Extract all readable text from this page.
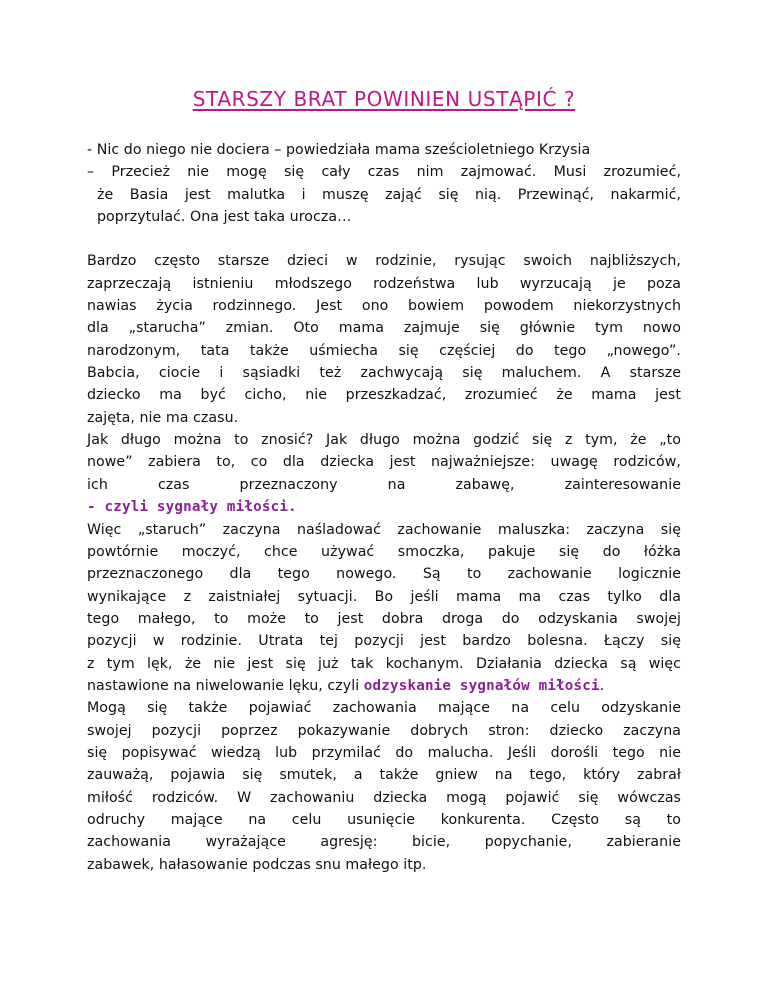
STARSZY BRAT POWINIEN USTĄPIĆ ?
- Nic do niego nie dociera – powiedziała mama sześcioletniego Krzysia
– Przecież nie mogę się cały czas nim zajmować. Musi zrozumieć,
że Basia jest malutka i muszę zająć się nią. Przewinąć, nakarmić,
poprzytulać. Ona jest taka urocza…
Bardzo często starsze dzieci w rodzinie, rysując swoich najbliższych,
zaprzeczają istnieniu młodszego rodzeństwa lub wyrzucają je poza
nawias życia rodzinnego. Jest ono bowiem powodem niekorzystnych
dla „starucha” zmian. Oto mama zajmuje się głównie tym nowo
narodzonym, tata także uśmiecha się częściej do tego „nowego”.
Babcia, ciocie i sąsiadki też zachwycają się maluchem. A starsze
dziecko ma być cicho, nie przeszkadzać, zrozumieć że mama jest
zajęta, nie ma czasu.
Jak długo można to znosić? Jak długo można godzić się z tym, że „to
nowe” zabiera to, co dla dziecka jest najważniejsze: uwagę rodziców,
ich	czas	przeznaczony	na	zabawę,	zainteresowanie
- czyli sygnały miłości.
Więc „staruch” zaczyna naśladować zachowanie maluszka: zaczyna się
powtórnie moczyć, chce używać smoczka, pakuje się do łóżka
przeznaczonego dla tego nowego. Są to zachowanie logicznie
wynikające z zaistniałej sytuacji. Bo jeśli mama ma czas tylko dla
tego małego, to może to jest dobra droga do odzyskania swojej
pozycji w rodzinie. Utrata tej pozycji jest bardzo bolesna. Łączy się
z tym lęk, że nie jest się już tak kochanym. Działania dziecka są więc
nastawione na niwelowanie lęku, czyli odzyskanie sygnałów miłości.
Mogą się także pojawiać zachowania mające na celu odzyskanie
swojej pozycji poprzez pokazywanie dobrych stron: dziecko zaczyna
się popisywać wiedzą lub przymilać do malucha. Jeśli dorośli tego nie
zauważą, pojawia się smutek, a także gniew na tego, który zabrał
miłość rodziców. W zachowaniu dziecka mogą pojawić się wówczas
odruchy mające na celu usunięcie konkurenta. Często są to
zachowania wyrażające agresję: bicie, popychanie, zabieranie
zabawek, hałasowanie podczas snu małego itp.
